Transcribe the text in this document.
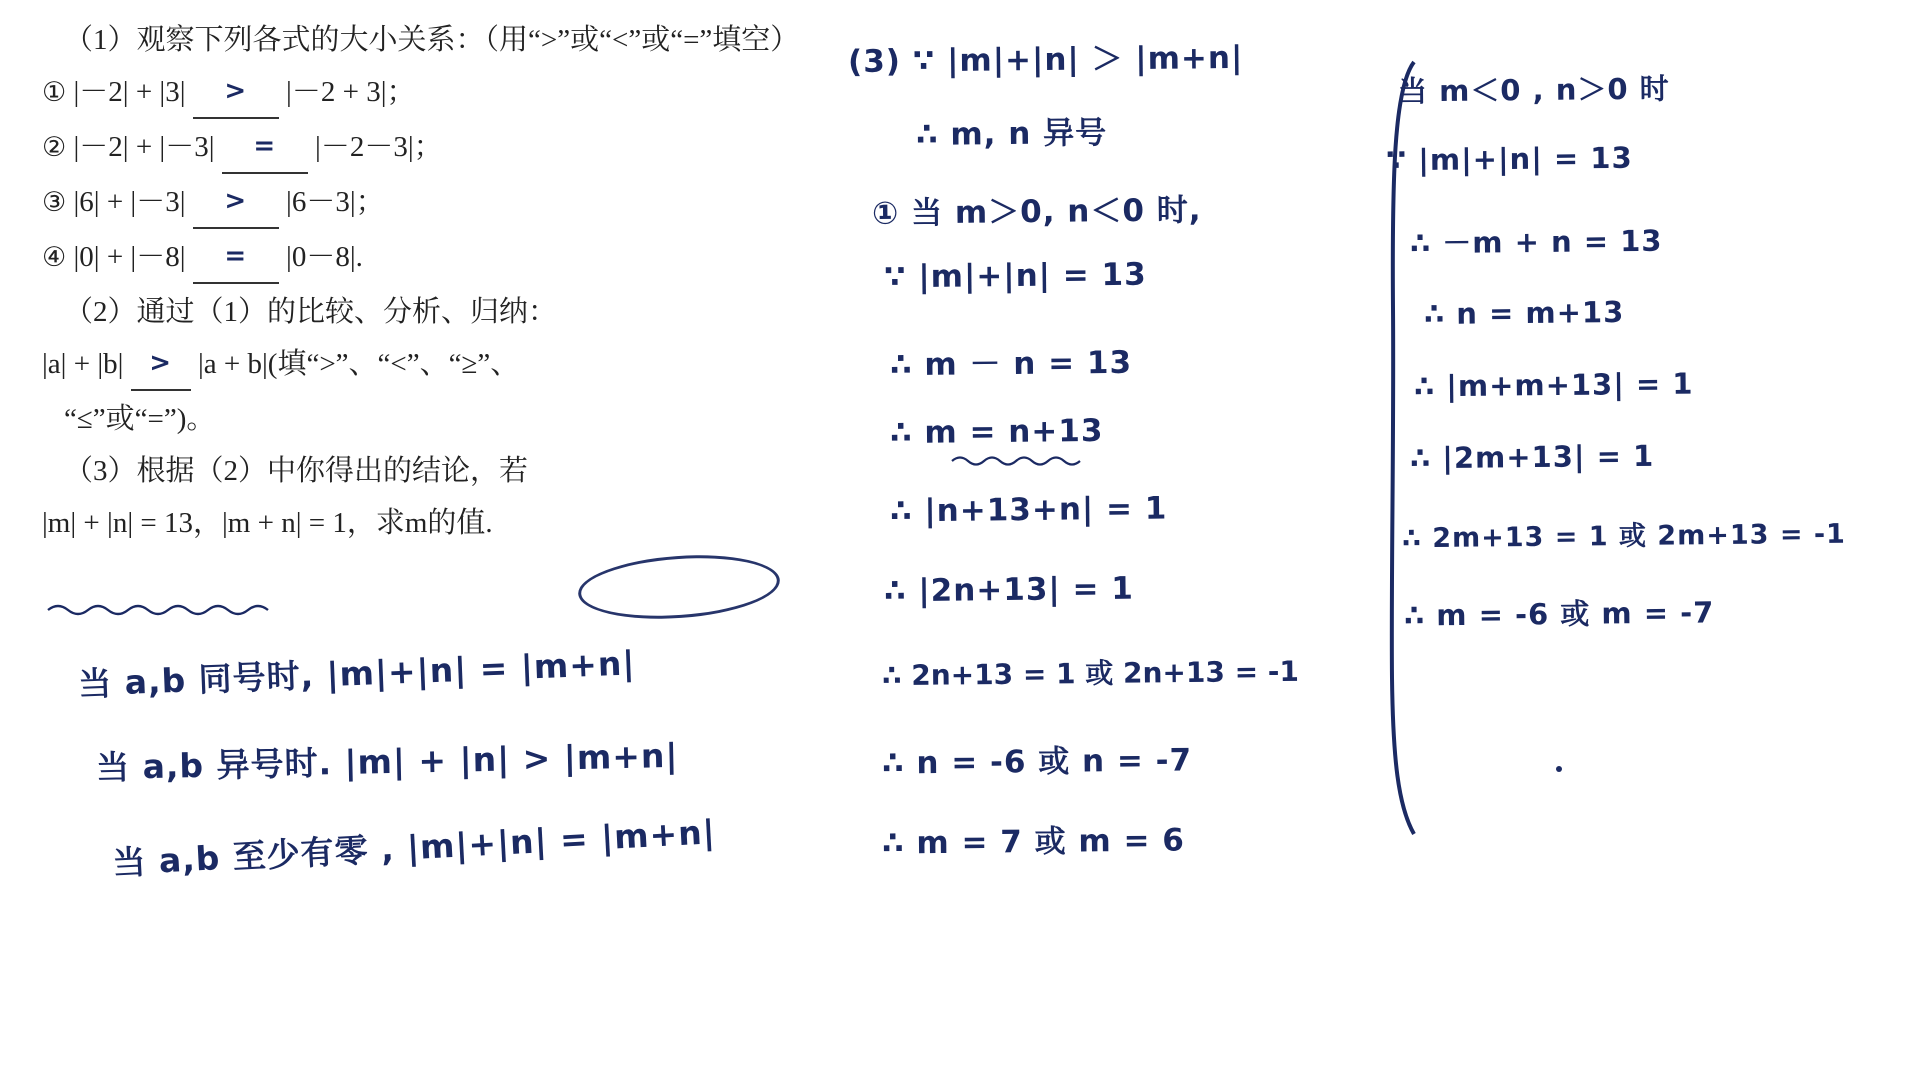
（1）观察下列各式的大小关系：（用“>”或“<”或“=”填空）
① |－2| + |3| > |－2 + 3|；
② |－2| + |－3| = |－2－3|；
③ |6| + |－3| > |6－3|；
④ |0| + |－8| = |0－8|.
（2）通过（1）的比较、分析、归纳：
|a| + |b| > |a + b|(填“>”、“<”、“≥”、
“≤”或“=”)。
（3）根据（2）中你得出的结论，若
|m| + |n| = 13，|m + n| = 1，求m的值.
当 a,b 同号时, |m|+|n| = |m+n|
当 a,b 异号时. |m| + |n| > |m+n|
当 a,b 至少有零 , |m|+|n| = |m+n|
(3) ∵ |m|+|n| ＞ |m+n|
∴ m, n 异号
① 当 m＞0, n＜0 时,
∵ |m|+|n| = 13
∴ m － n = 13
∴ m = n+13
∴ |n+13+n| = 1
∴ |2n+13| = 1
∴ 2n+13 = 1 或 2n+13 = -1
∴ n = -6 或 n = -7
∴ m = 7 或 m = 6
当 m＜0 , n＞0 时
∵ |m|+|n| = 13
∴ －m + n = 13
∴ n = m+13
∴ |m+m+13| = 1
∴ |2m+13| = 1
∴ 2m+13 = 1 或 2m+13 = -1
∴ m = -6 或 m = -7
